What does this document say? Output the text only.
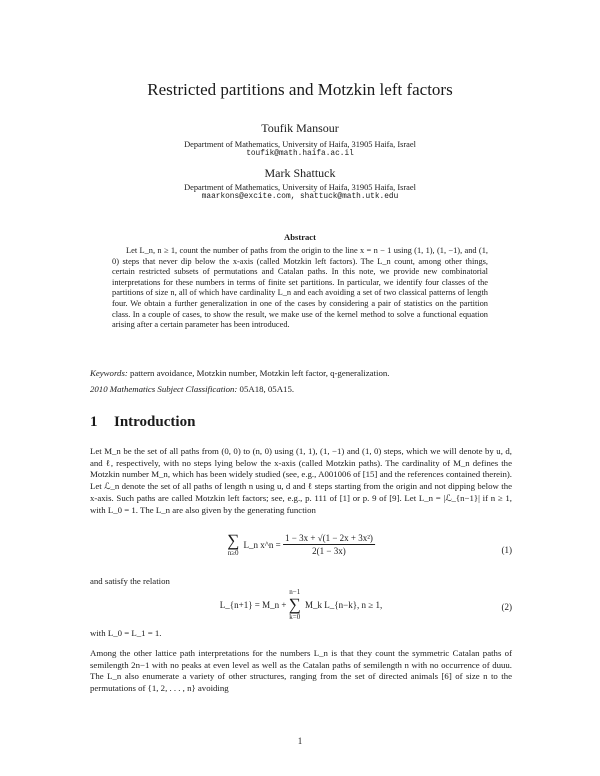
Restricted partitions and Motzkin left factors
Toufik Mansour
Department of Mathematics, University of Haifa, 31905 Haifa, Israel
toufik@math.haifa.ac.il
Mark Shattuck
Department of Mathematics, University of Haifa, 31905 Haifa, Israel
maarkons@excite.com, shattuck@math.utk.edu
Abstract
Let L_n, n ≥ 1, count the number of paths from the origin to the line x = n − 1 using (1, 1), (1, −1), and (1, 0) steps that never dip below the x-axis (called Motzkin left factors). The L_n count, among other things, certain restricted subsets of permutations and Catalan paths. In this note, we provide new combinatorial interpretations for these numbers in terms of finite set partitions. In particular, we identify four classes of the partitions of size n, all of which have cardinality L_n and each avoiding a set of two classical patterns of length four. We obtain a further generalization in one of the cases by considering a pair of statistics on the partition class. In a couple of cases, to show the result, we make use of the kernel method to solve a functional equation arising after a certain parameter has been introduced.
Keywords: pattern avoidance, Motzkin number, Motzkin left factor, q-generalization.
2010 Mathematics Subject Classification: 05A18, 05A15.
1 Introduction
Let M_n be the set of all paths from (0, 0) to (n, 0) using (1, 1), (1, −1) and (1, 0) steps, which we will denote by u, d, and ℓ, respectively, with no steps lying below the x-axis (called Motzkin paths). The cardinality of M_n defines the Motzkin number M_n, which has been widely studied (see, e.g., A001006 of [15] and the references contained therein). Let ℒ_n denote the set of all paths of length n using u, d and ℓ steps starting from the origin and not dipping below the x-axis. Such paths are called Motzkin left factors; see, e.g., p. 111 of [1] or p. 9 of [9]. Let L_n = |ℒ_{n−1}| if n ≥ 1, with L_0 = 1. The L_n are also given by the generating function
∑
n≥0 L_n x^n = $\frac{\text{1 − 3x + √(1 − 2x + 3x²)}}{2(1 - 3x)}$	(1)
and satisfy the relation
L_{n+1} = M_n + n−1
∑
k=0 M_k L_{n−k}, n ≥ 1,	(2)
with L_0 = L_1 = 1.
Among the other lattice path interpretations for the numbers L_n is that they count the symmetric Catalan paths of semilength 2n−1 with no peaks at even level as well as the Catalan paths of semilength n with no occurrence of duuu. The L_n also enumerate a variety of other structures, ranging from the set of directed animals [6] of size n to the permutations of {1, 2, . . . , n} avoiding
1
